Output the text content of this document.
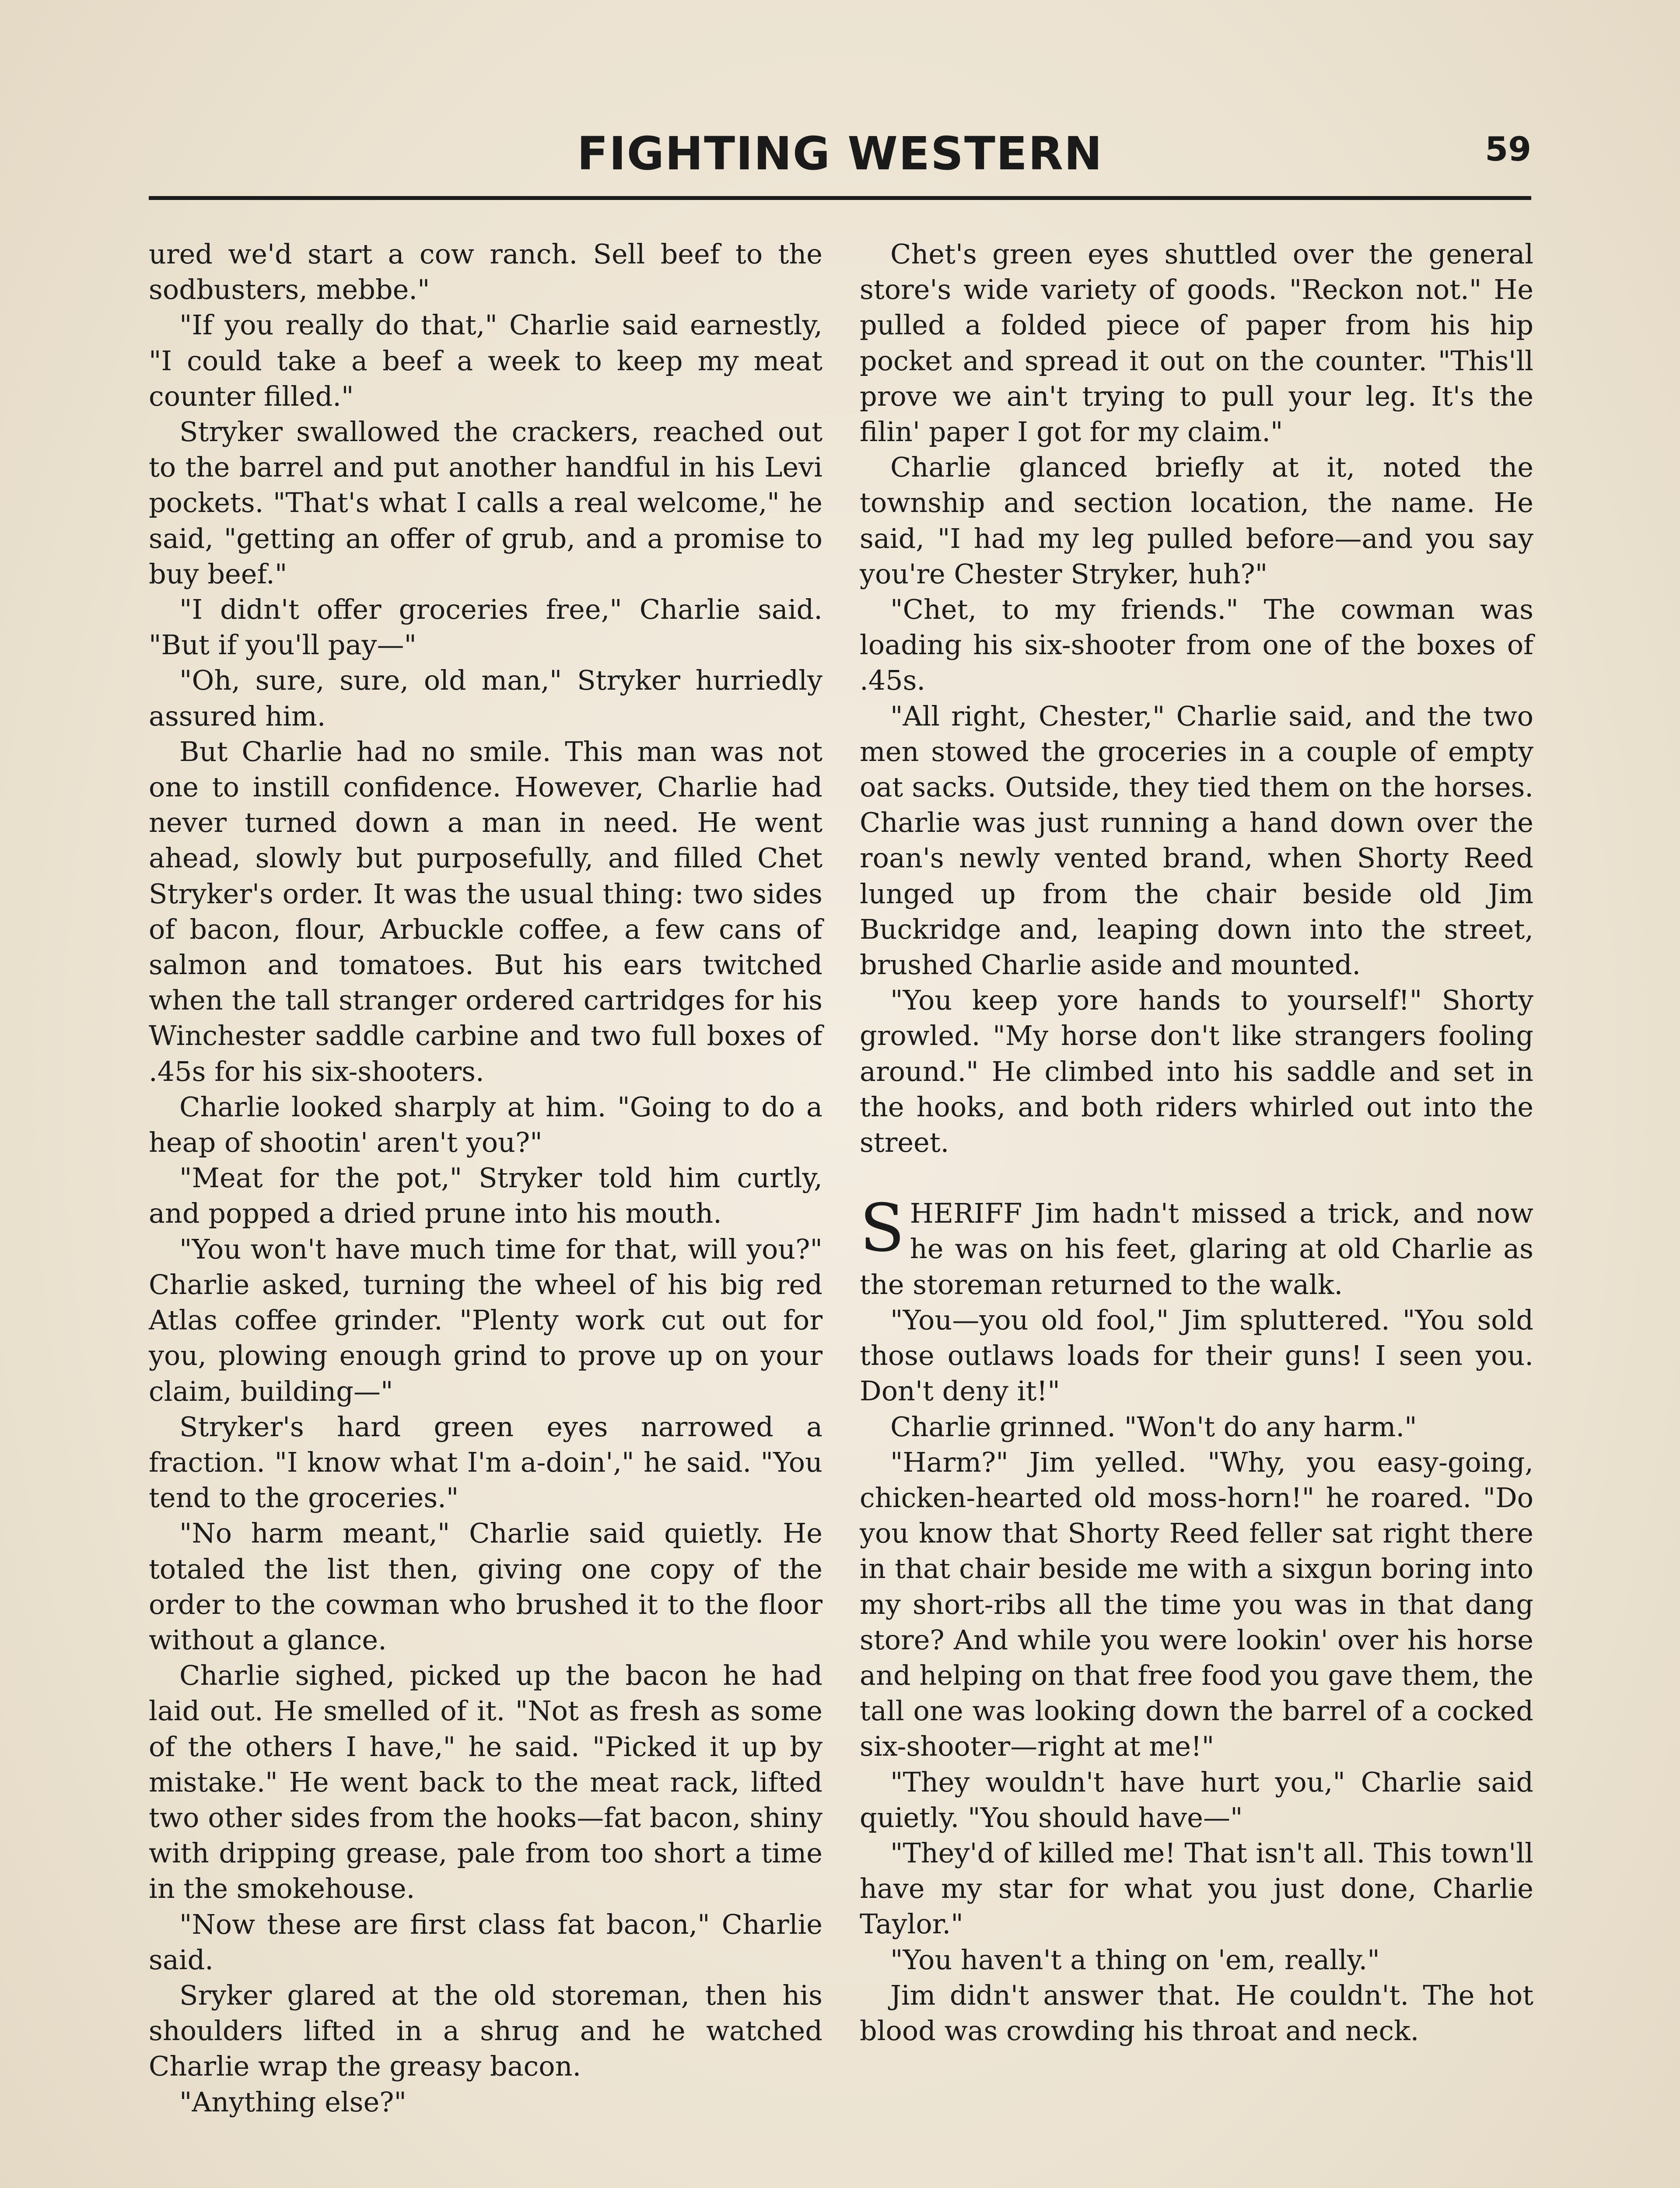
FIGHTING WESTERN	59

ured we'd start a cow ranch. Sell beef to the sodbusters, mebbe."

"If you really do that," Charlie said earnestly, "I could take a beef a week to keep my meat counter filled."

Stryker swallowed the crackers, reached out to the barrel and put another handful in his Levi pockets. "That's what I calls a real welcome," he said, "getting an offer of grub, and a promise to buy beef."

"I didn't offer groceries free," Charlie said. "But if you'll pay—"

"Oh, sure, sure, old man," Stryker hurriedly assured him.

But Charlie had no smile. This man was not one to instill confidence. However, Charlie had never turned down a man in need. He went ahead, slowly but purposefully, and filled Chet Stryker's order. It was the usual thing: two sides of bacon, flour, Arbuckle coffee, a few cans of salmon and tomatoes. But his ears twitched when the tall stranger ordered cartridges for his Winchester saddle carbine and two full boxes of .45s for his six-shooters.

Charlie looked sharply at him. "Going to do a heap of shootin' aren't you?"

"Meat for the pot," Stryker told him curtly, and popped a dried prune into his mouth.

"You won't have much time for that, will you?" Charlie asked, turning the wheel of his big red Atlas coffee grinder. "Plenty work cut out for you, plowing enough grind to prove up on your claim, building—"

Stryker's hard green eyes narrowed a fraction. "I know what I'm a-doin'," he said. "You tend to the groceries."

"No harm meant," Charlie said quietly. He totaled the list then, giving one copy of the order to the cowman who brushed it to the floor without a glance.

Charlie sighed, picked up the bacon he had laid out. He smelled of it. "Not as fresh as some of the others I have," he said. "Picked it up by mistake." He went back to the meat rack, lifted two other sides from the hooks—fat bacon, shiny with dripping grease, pale from too short a time in the smokehouse.

"Now these are first class fat bacon," Charlie said.

Sryker glared at the old storeman, then his shoulders lifted in a shrug and he watched Charlie wrap the greasy bacon.

"Anything else?"

Chet's green eyes shuttled over the general store's wide variety of goods. "Reckon not." He pulled a folded piece of paper from his hip pocket and spread it out on the counter. "This'll prove we ain't trying to pull your leg. It's the filin' paper I got for my claim."

Charlie glanced briefly at it, noted the township and section location, the name. He said, "I had my leg pulled before—and you say you're Chester Stryker, huh?"

"Chet, to my friends." The cowman was loading his six-shooter from one of the boxes of .45s.

"All right, Chester," Charlie said, and the two men stowed the groceries in a couple of empty oat sacks. Outside, they tied them on the horses. Charlie was just running a hand down over the roan's newly vented brand, when Shorty Reed lunged up from the chair beside old Jim Buckridge and, leaping down into the street, brushed Charlie aside and mounted.

"You keep yore hands to yourself!" Shorty growled. "My horse don't like strangers fooling around." He climbed into his saddle and set in the hooks, and both riders whirled out into the street.

SHERIFF Jim hadn't missed a trick, and now he was on his feet, glaring at old Charlie as the storeman returned to the walk.

"You—you old fool," Jim spluttered. "You sold those outlaws loads for their guns! I seen you. Don't deny it!"

Charlie grinned. "Won't do any harm."

"Harm?" Jim yelled. "Why, you easy-going, chicken-hearted old moss-horn!" he roared. "Do you know that Shorty Reed feller sat right there in that chair beside me with a sixgun boring into my short-ribs all the time you was in that dang store? And while you were lookin' over his horse and helping on that free food you gave them, the tall one was looking down the barrel of a cocked six-shooter—right at me!"

"They wouldn't have hurt you," Charlie said quietly. "You should have—"

"They'd of killed me! That isn't all. This town'll have my star for what you just done, Charlie Taylor."

"You haven't a thing on 'em, really."

Jim didn't answer that. He couldn't. The hot blood was crowding his throat and neck.
